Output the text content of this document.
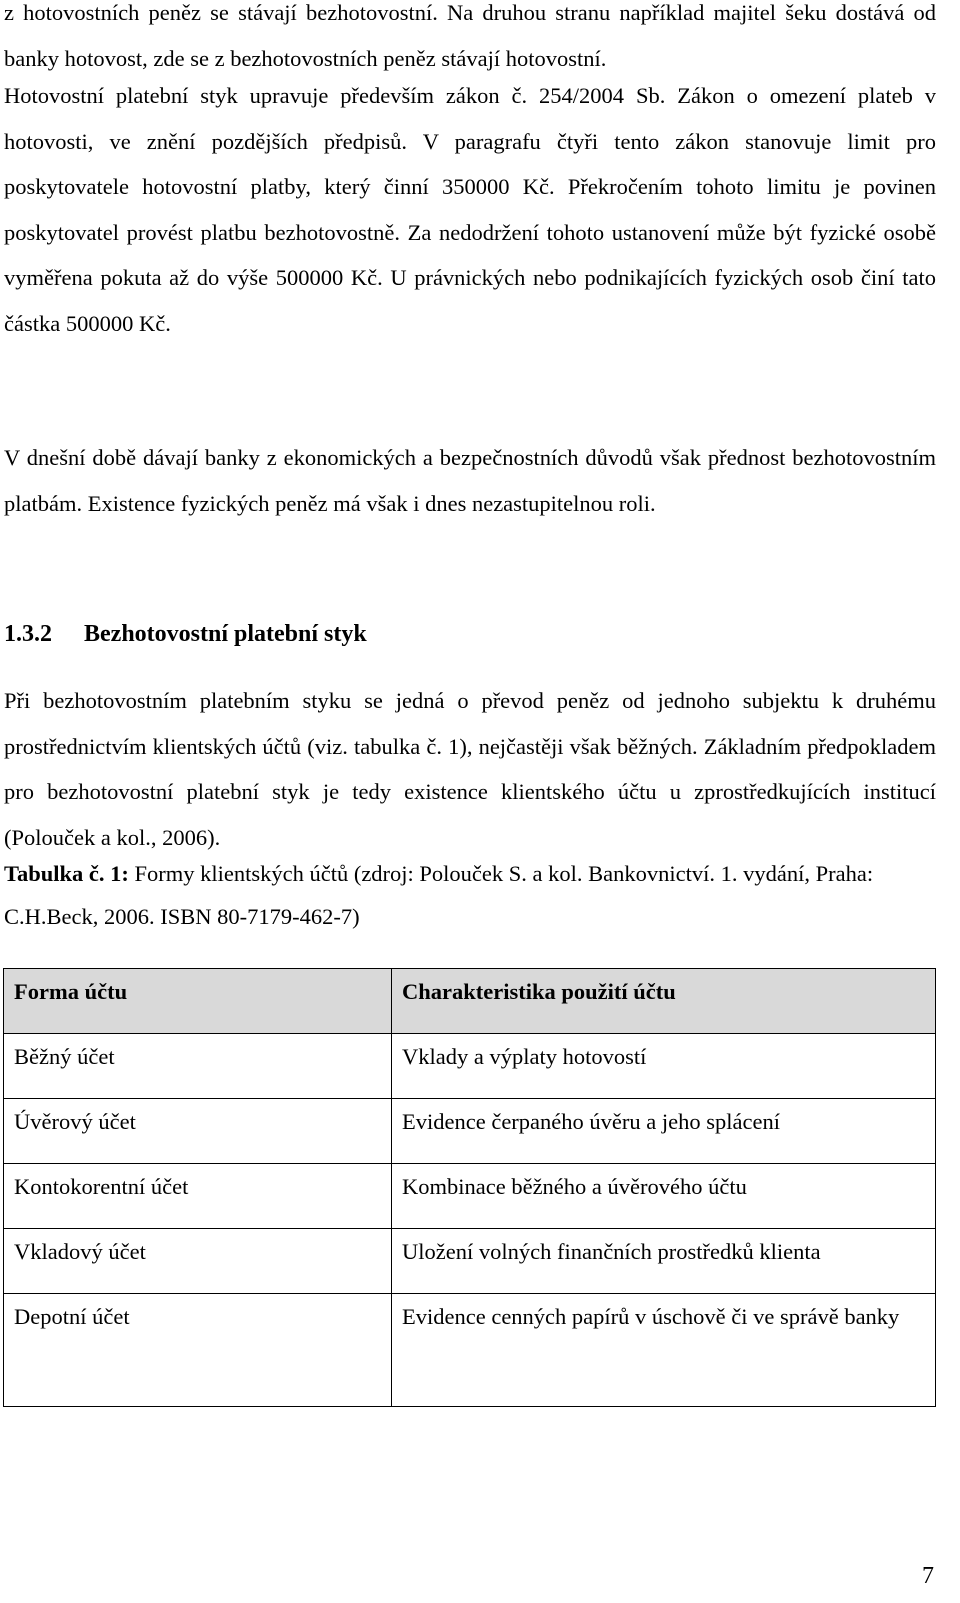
z hotovostních peněz se stávají bezhotovostní. Na druhou stranu například majitel šeku dostává od banky hotovost, zde se z bezhotovostních peněz stávají hotovostní.

Hotovostní platební styk upravuje především zákon č. 254/2004 Sb. Zákon o omezení plateb v hotovosti, ve znění pozdějších předpisů. V paragrafu čtyři tento zákon stanovuje limit pro poskytovatele hotovostní platby, který činní 350000 Kč. Překročením tohoto limitu je povinen poskytovatel provést platbu bezhotovostně. Za nedodržení tohoto ustanovení může být fyzické osobě vyměřena pokuta až do výše 500000 Kč. U právnických nebo podnikajících fyzických osob činí tato částka 500000 Kč.

V dnešní době dávají banky z ekonomických a bezpečnostních důvodů však přednost bezhotovostním platbám. Existence fyzických peněz má však i dnes nezastupitelnou roli.

1.3.2 Bezhotovostní platební styk

Při bezhotovostním platebním styku se jedná o převod peněz od jednoho subjektu k druhému prostřednictvím klientských účtů (viz. tabulka č. 1), nejčastěji však běžných. Základním předpokladem pro bezhotovostní platební styk je tedy existence klientského účtu u zprostředkujících institucí (Polouček a kol., 2006).

Tabulka č. 1: Formy klientských účtů (zdroj: Polouček S. a kol. Bankovnictví. 1. vydání, Praha: C.H.Beck, 2006. ISBN 80-7179-462-7)

Forma účtu	Charakteristika použití účtu
Běžný účet	Vklady a výplaty hotovostí
Úvěrový účet	Evidence čerpaného úvěru a jeho splácení
Kontokorentní účet	Kombinace běžného a úvěrového účtu
Vkladový účet	Uložení volných finančních prostředků klienta
Depotní účet	Evidence cenných papírů v úschově či ve správě banky

7
